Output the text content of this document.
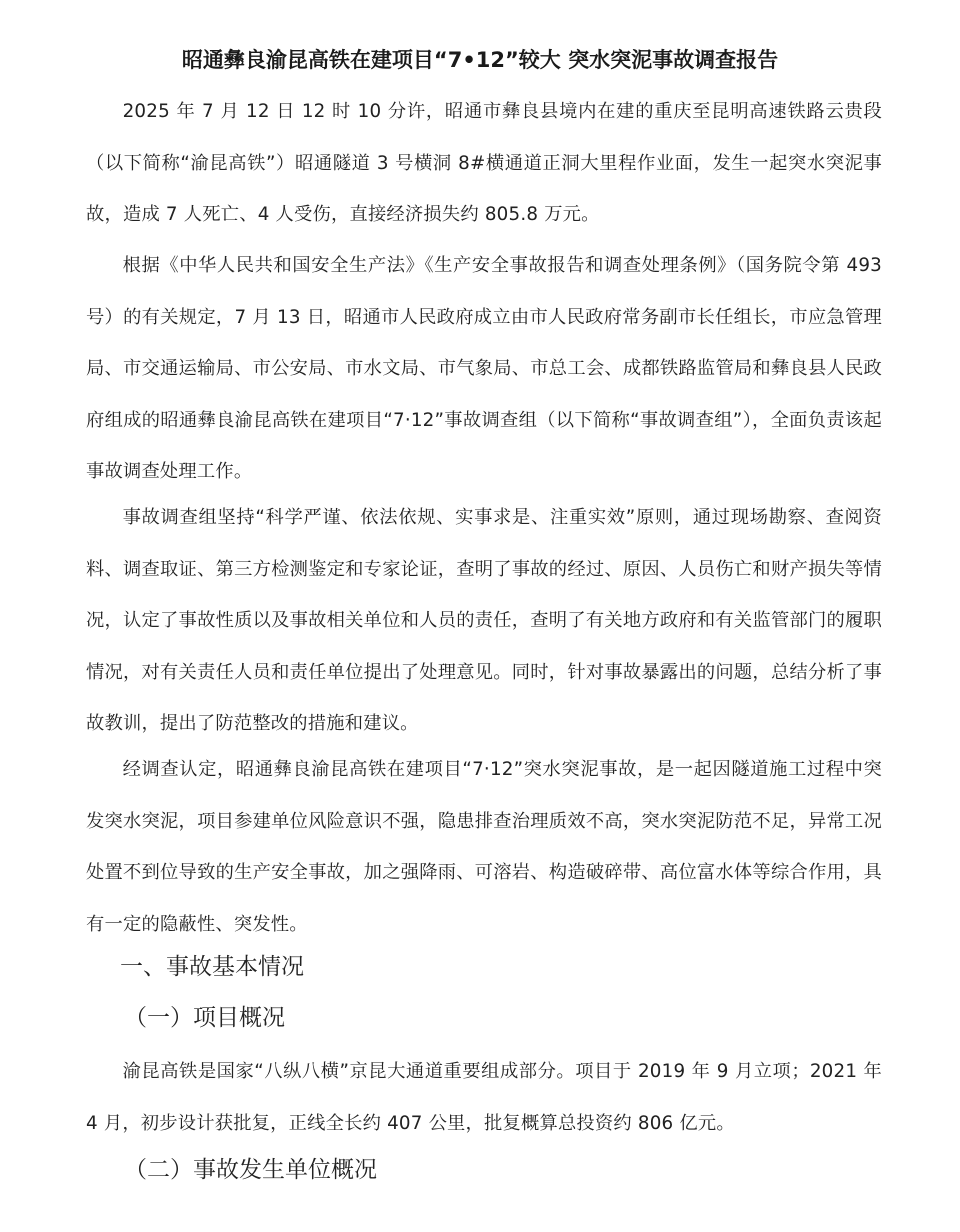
昭通彝良渝昆高铁在建项目“7•12”较大 突水突泥事故调查报告
2025 年 7 月 12 日 12 时 10 分许，昭通市彝良县境内在建的重庆至昆明高速铁路云贵段（以下简称“渝昆高铁”）昭通隧道 3 号横洞 8#横通道正洞大里程作业面，发生一起突水突泥事故，造成 7 人死亡、4 人受伤，直接经济损失约 805.8 万元。
根据《中华人民共和国安全生产法》《生产安全事故报告和调查处理条例》（国务院令第 493 号）的有关规定，7 月 13 日，昭通市人民政府成立由市人民政府常务副市长任组长，市应急管理局、市交通运输局、市公安局、市水文局、市气象局、市总工会、成都铁路监管局和彝良县人民政府组成的昭通彝良渝昆高铁在建项目“7·12”事故调查组（以下简称“事故调查组”），全面负责该起事故调查处理工作。
事故调查组坚持“科学严谨、依法依规、实事求是、注重实效”原则，通过现场勘察、查阅资料、调查取证、第三方检测鉴定和专家论证，查明了事故的经过、原因、人员伤亡和财产损失等情况，认定了事故性质以及事故相关单位和人员的责任，查明了有关地方政府和有关监管部门的履职情况，对有关责任人员和责任单位提出了处理意见。同时，针对事故暴露出的问题，总结分析了事故教训，提出了防范整改的措施和建议。
经调查认定，昭通彝良渝昆高铁在建项目“7·12”突水突泥事故，是一起因隧道施工过程中突发突水突泥，项目参建单位风险意识不强，隐患排查治理质效不高，突水突泥防范不足，异常工况处置不到位导致的生产安全事故，加之强降雨、可溶岩、构造破碎带、高位富水体等综合作用，具有一定的隐蔽性、突发性。
一、事故基本情况
（一）项目概况
渝昆高铁是国家“八纵八横”京昆大通道重要组成部分。项目于 2019 年 9 月立项；2021 年 4 月，初步设计获批复，正线全长约 407 公里，批复概算总投资约 806 亿元。
（二）事故发生单位概况
